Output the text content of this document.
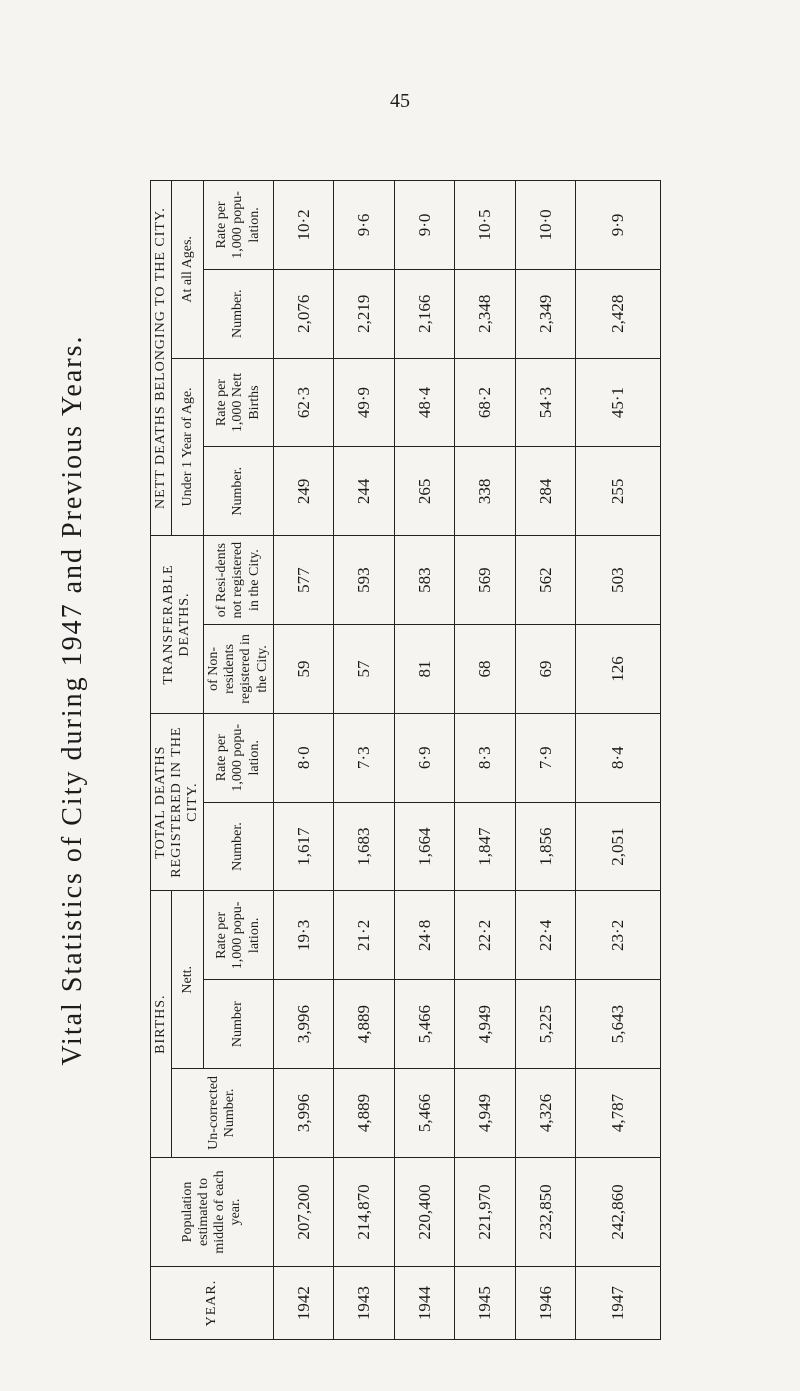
45
Vital Statistics of City during 1947 and Previous Years.
YEAR.	Population estimated to middle of each year.	BIRTHS.			TOTAL DEATHS REGISTERED IN THE CITY.		TRANSFERABLE DEATHS.		NETT DEATHS BELONGING TO THE CITY.			
		Un-corrected Number.	Nett.						Under 1 Year of Age.		At all Ages.	
			Number	Rate per 1,000 popu-lation.	Number.	Rate per 1,000 popu-lation.	of Non-residents registered in the City.	of Resi-dents not registered in the City.	Number.	Rate per 1,000 Nett Births	Number.	Rate per 1,000 popu-lation.
1942	207,200	3,996	3,996	19·3	1,617	8·0	59	577	249	62·3	2,076	10·2
1943	214,870	4,889	4,889	21·2	1,683	7·3	57	593	244	49·9	2,219	9·6
1944	220,400	5,466	5,466	24·8	1,664	6·9	81	583	265	48·4	2,166	9·0
1945	221,970	4,949	4,949	22·2	1,847	8·3	68	569	338	68·2	2,348	10·5
1946	232,850	4,326	5,225	22·4	1,856	7·9	69	562	284	54·3	2,349	10·0
1947	242,860	4,787	5,643	23·2	2,051	8·4	126	503	255	45·1	2,428	9·9
